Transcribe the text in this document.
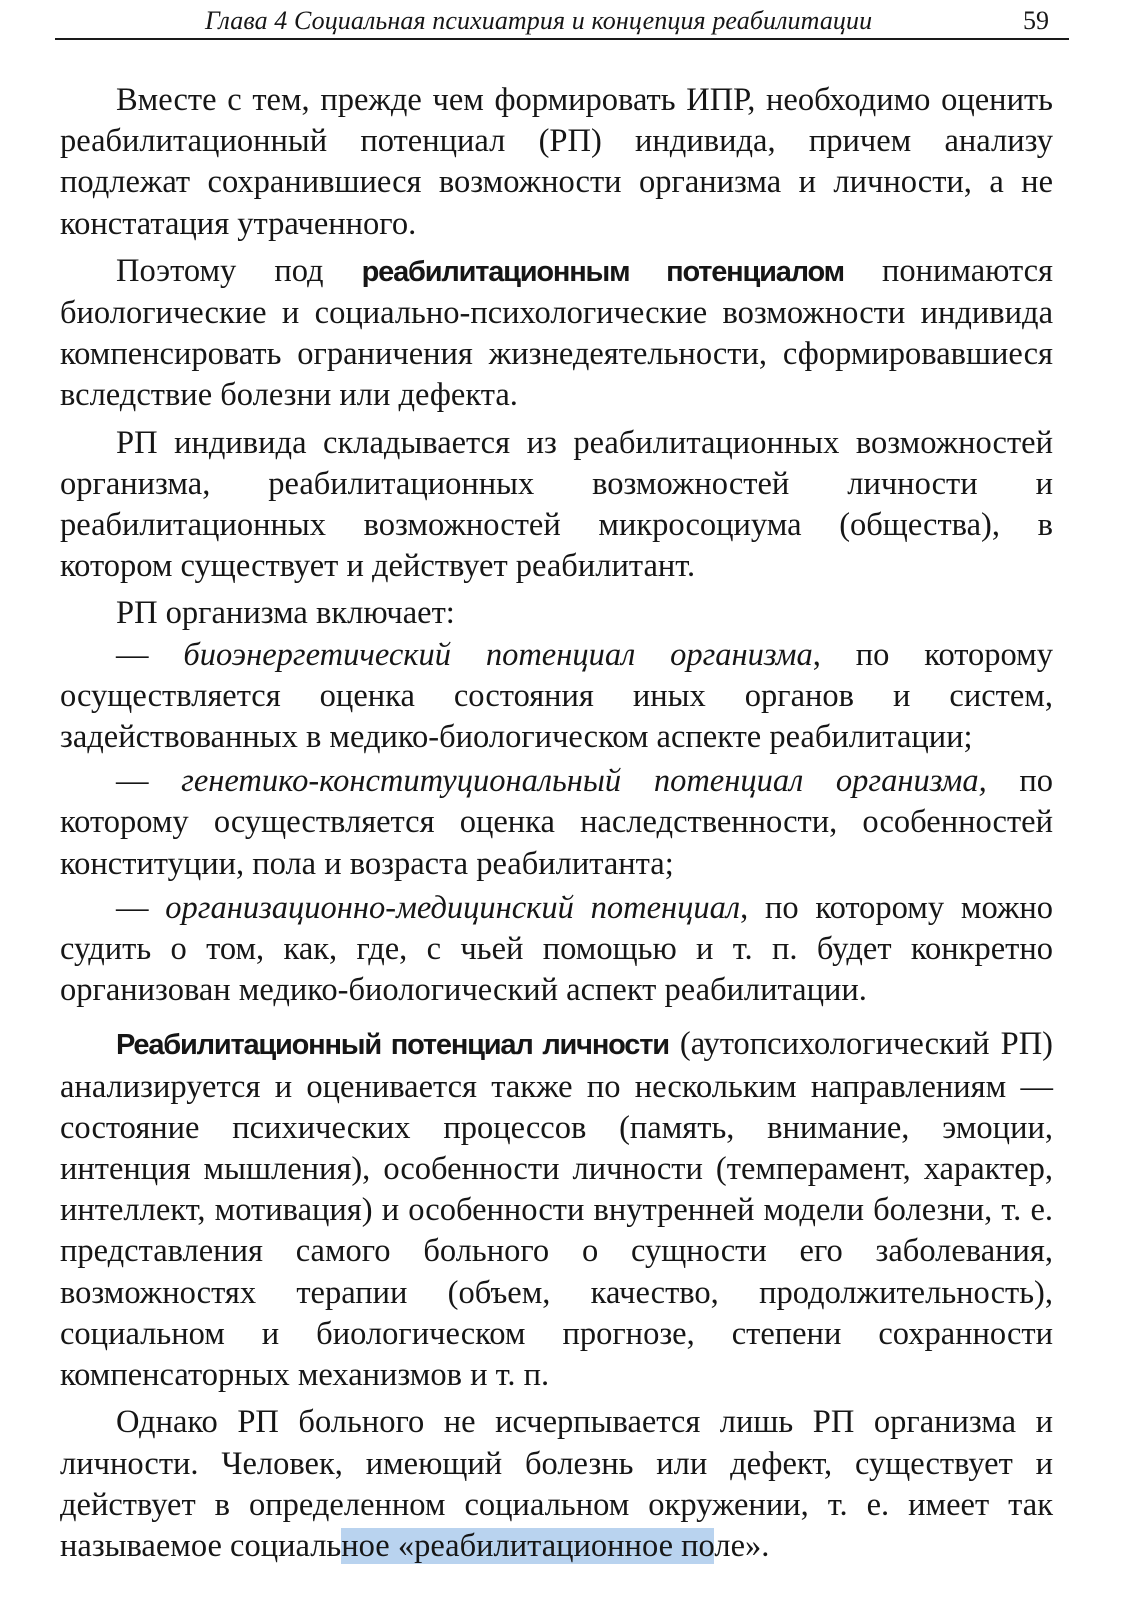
Глава 4 Социальная психиатрия и концепция реабилитации	59

Вместе с тем, прежде чем формировать ИПР, необходимо оценить реабилитационный потенциал (РП) индивида, причем анализу подлежат сохранившиеся возможности организма и личности, а не констатация утраченного.

Поэтому под реабилитационным потенциалом понимаются биологические и социально-психологические возможности индивида компенсировать ограничения жизнедеятельности, сформировавшиеся вследствие болезни или дефекта.

РП индивида складывается из реабилитационных возможностей организма, реабилитационных возможностей личности и реабилитационных возможностей микросоциума (общества), в котором существует и действует реабилитант.

РП организма включает:

— биоэнергетический потенциал организма, по которому осуществляется оценка состояния иных органов и систем, задействованных в медико-биологическом аспекте реабилитации;

— генетико-конституциональный потенциал организма, по которому осуществляется оценка наследственности, особенностей конституции, пола и возраста реабилитанта;

— организационно-медицинский потенциал, по которому можно судить о том, как, где, с чьей помощью и т. п. будет конкретно организован медико-биологический аспект реабилитации.

Реабилитационный потенциал личности (аутопсихологический РП) анализируется и оценивается также по нескольким направлениям — состояние психических процессов (память, внимание, эмоции, интенция мышления), особенности личности (темперамент, характер, интеллект, мотивация) и особенности внутренней модели болезни, т. е. представления самого больного о сущности его заболевания, возможностях терапии (объем, качество, продолжительность), социальном и биологическом прогнозе, степени сохранности компенсаторных механизмов и т. п.

Однако РП больного не исчерпывается лишь РП организма и личности. Человек, имеющий болезнь или дефект, существует и действует в определенном социальном окружении, т. е. имеет так называемое социальное «реабилитационное поле».
